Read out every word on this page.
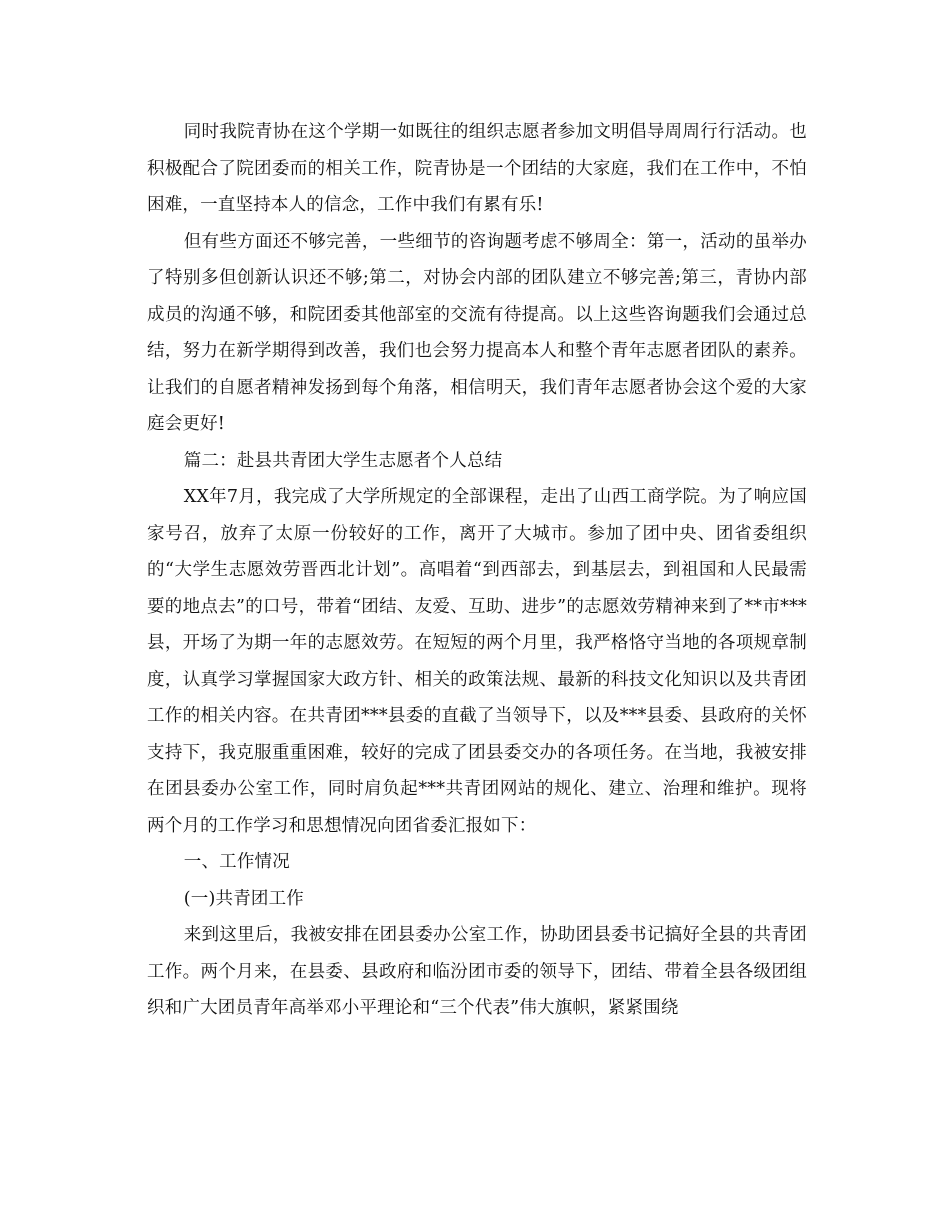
同时我院青协在这个学期一如既往的组织志愿者参加文明倡导周周行行活动。也积极配合了院团委而的相关工作，院青协是一个团结的大家庭，我们在工作中，不怕困难，一直坚持本人的信念，工作中我们有累有乐!

但有些方面还不够完善，一些细节的咨询题考虑不够周全：第一，活动的虽举办了特别多但创新认识还不够;第二，对协会内部的团队建立不够完善;第三，青协内部成员的沟通不够，和院团委其他部室的交流有待提高。以上这些咨询题我们会通过总结，努力在新学期得到改善，我们也会努力提高本人和整个青年志愿者团队的素养。让我们的自愿者精神发扬到每个角落，相信明天，我们青年志愿者协会这个爱的大家庭会更好!

篇二：赴县共青团大学生志愿者个人总结

XX年7月，我完成了大学所规定的全部课程，走出了山西工商学院。为了响应国家号召，放弃了太原一份较好的工作，离开了大城市。参加了团中央、团省委组织的“大学生志愿效劳晋西北计划”。高唱着“到西部去，到基层去，到祖国和人民最需要的地点去”的口号，带着“团结、友爱、互助、进步”的志愿效劳精神来到了**市***县，开场了为期一年的志愿效劳。在短短的两个月里，我严格恪守当地的各项规章制度，认真学习掌握国家大政方针、相关的政策法规、最新的科技文化知识以及共青团工作的相关内容。在共青团***县委的直截了当领导下，以及***县委、县政府的关怀支持下，我克服重重困难，较好的完成了团县委交办的各项任务。在当地，我被安排在团县委办公室工作，同时肩负起***共青团网站的规化、建立、治理和维护。现将两个月的工作学习和思想情况向团省委汇报如下：

一、工作情况

(一)共青团工作

来到这里后，我被安排在团县委办公室工作，协助团县委书记搞好全县的共青团工作。两个月来，在县委、县政府和临汾团市委的领导下，团结、带着全县各级团组织和广大团员青年高举邓小平理论和“三个代表”伟大旗帜，紧紧围绕
